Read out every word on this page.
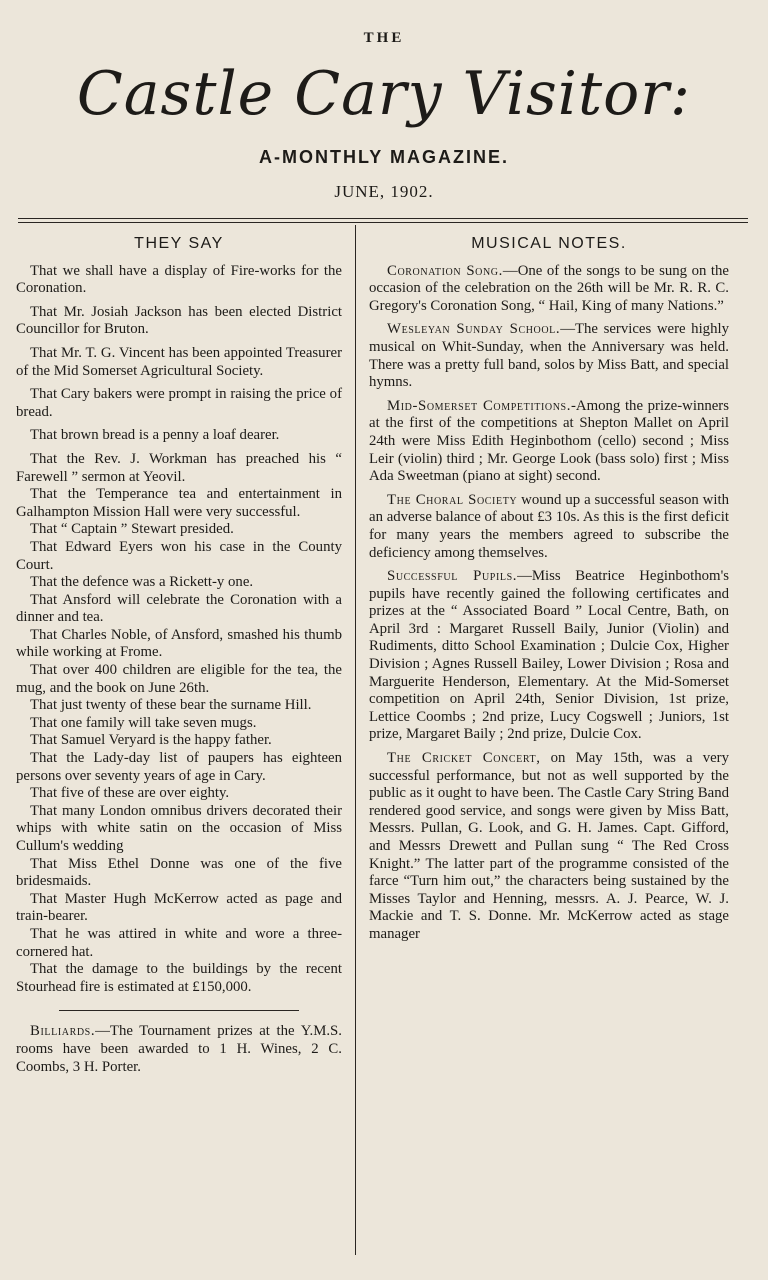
THE
Castle Cary Visitor:
A-MONTHLY MAGAZINE.
JUNE, 1902.
THEY SAY

That we shall have a display of Fire-works for the Coronation.

That Mr. Josiah Jackson has been elected District Councillor for Bruton.

That Mr. T. G. Vincent has been appointed Treasurer of the Mid Somerset Agricultural Society.

That Cary bakers were prompt in raising the price of bread.

That brown bread is a penny a loaf dearer.

That the Rev. J. Workman has preached his “ Farewell ” sermon at Yeovil.

That the Temperance tea and entertainment in Galhampton Mission Hall were very successful.

That “ Captain ” Stewart presided.

That Edward Eyers won his case in the County Court.

That the defence was a Rickett-y one.

That Ansford will celebrate the Coronation with a dinner and tea.

That Charles Noble, of Ansford, smashed his thumb while working at Frome.

That over 400 children are eligible for the tea, the mug, and the book on June 26th.

That just twenty of these bear the surname Hill.

That one family will take seven mugs.

That Samuel Veryard is the happy father.

That the Lady-day list of paupers has eighteen persons over seventy years of age in Cary.

That five of these are over eighty.

That many London omnibus drivers decorated their whips with white satin on the occasion of Miss Cullum's wedding

That Miss Ethel Donne was one of the five bridesmaids.

That Master Hugh McKerrow acted as page and train-bearer.

That he was attired in white and wore a three-cornered hat.

That the damage to the buildings by the recent Stourhead fire is estimated at £150,000.

Billiards.—The Tournament prizes at the Y.M.S. rooms have been awarded to 1 H. Wines, 2 C. Coombs, 3 H. Porter.

MUSICAL NOTES.

Coronation Song.—One of the songs to be sung on the occasion of the celebration on the 26th will be Mr. R. R. C. Gregory's Coronation Song, “ Hail, King of many Nations.”

Wesleyan Sunday School.—The services were highly musical on Whit-Sunday, when the Anniversary was held. There was a pretty full band, solos by Miss Batt, and special hymns.

Mid-Somerset Competitions.-Among the prize-winners at the first of the competitions at Shepton Mallet on April 24th were Miss Edith Heginbothom (cello) second ; Miss Leir (violin) third ; Mr. George Look (bass solo) first ; Miss Ada Sweetman (piano at sight) second.

The Choral Society wound up a successful season with an adverse balance of about £3 10s. As this is the first deficit for many years the members agreed to subscribe the deficiency among themselves.

Successful Pupils.—Miss Beatrice Heginbothom's pupils have recently gained the following certificates and prizes at the “ Associated Board ” Local Centre, Bath, on April 3rd : Margaret Russell Baily, Junior (Violin) and Rudiments, ditto School Examination ; Dulcie Cox, Higher Division ; Agnes Russell Bailey, Lower Division ; Rosa and Marguerite Henderson, Elementary. At the Mid-Somerset competition on April 24th, Senior Division, 1st prize, Lettice Coombs ; 2nd prize, Lucy Cogswell ; Juniors, 1st prize, Margaret Baily ; 2nd prize, Dulcie Cox.

The Cricket Concert, on May 15th, was a very successful performance, but not as well supported by the public as it ought to have been. The Castle Cary String Band rendered good service, and songs were given by Miss Batt, Messrs. Pullan, G. Look, and G. H. James. Capt. Gifford, and Messrs Drewett and Pullan sung “ The Red Cross Knight.” The latter part of the programme consisted of the farce “Turn him out,” the characters being sustained by the Misses Taylor and Henning, messrs. A. J. Pearce, W. J. Mackie and T. S. Donne. Mr. McKerrow acted as stage manager
